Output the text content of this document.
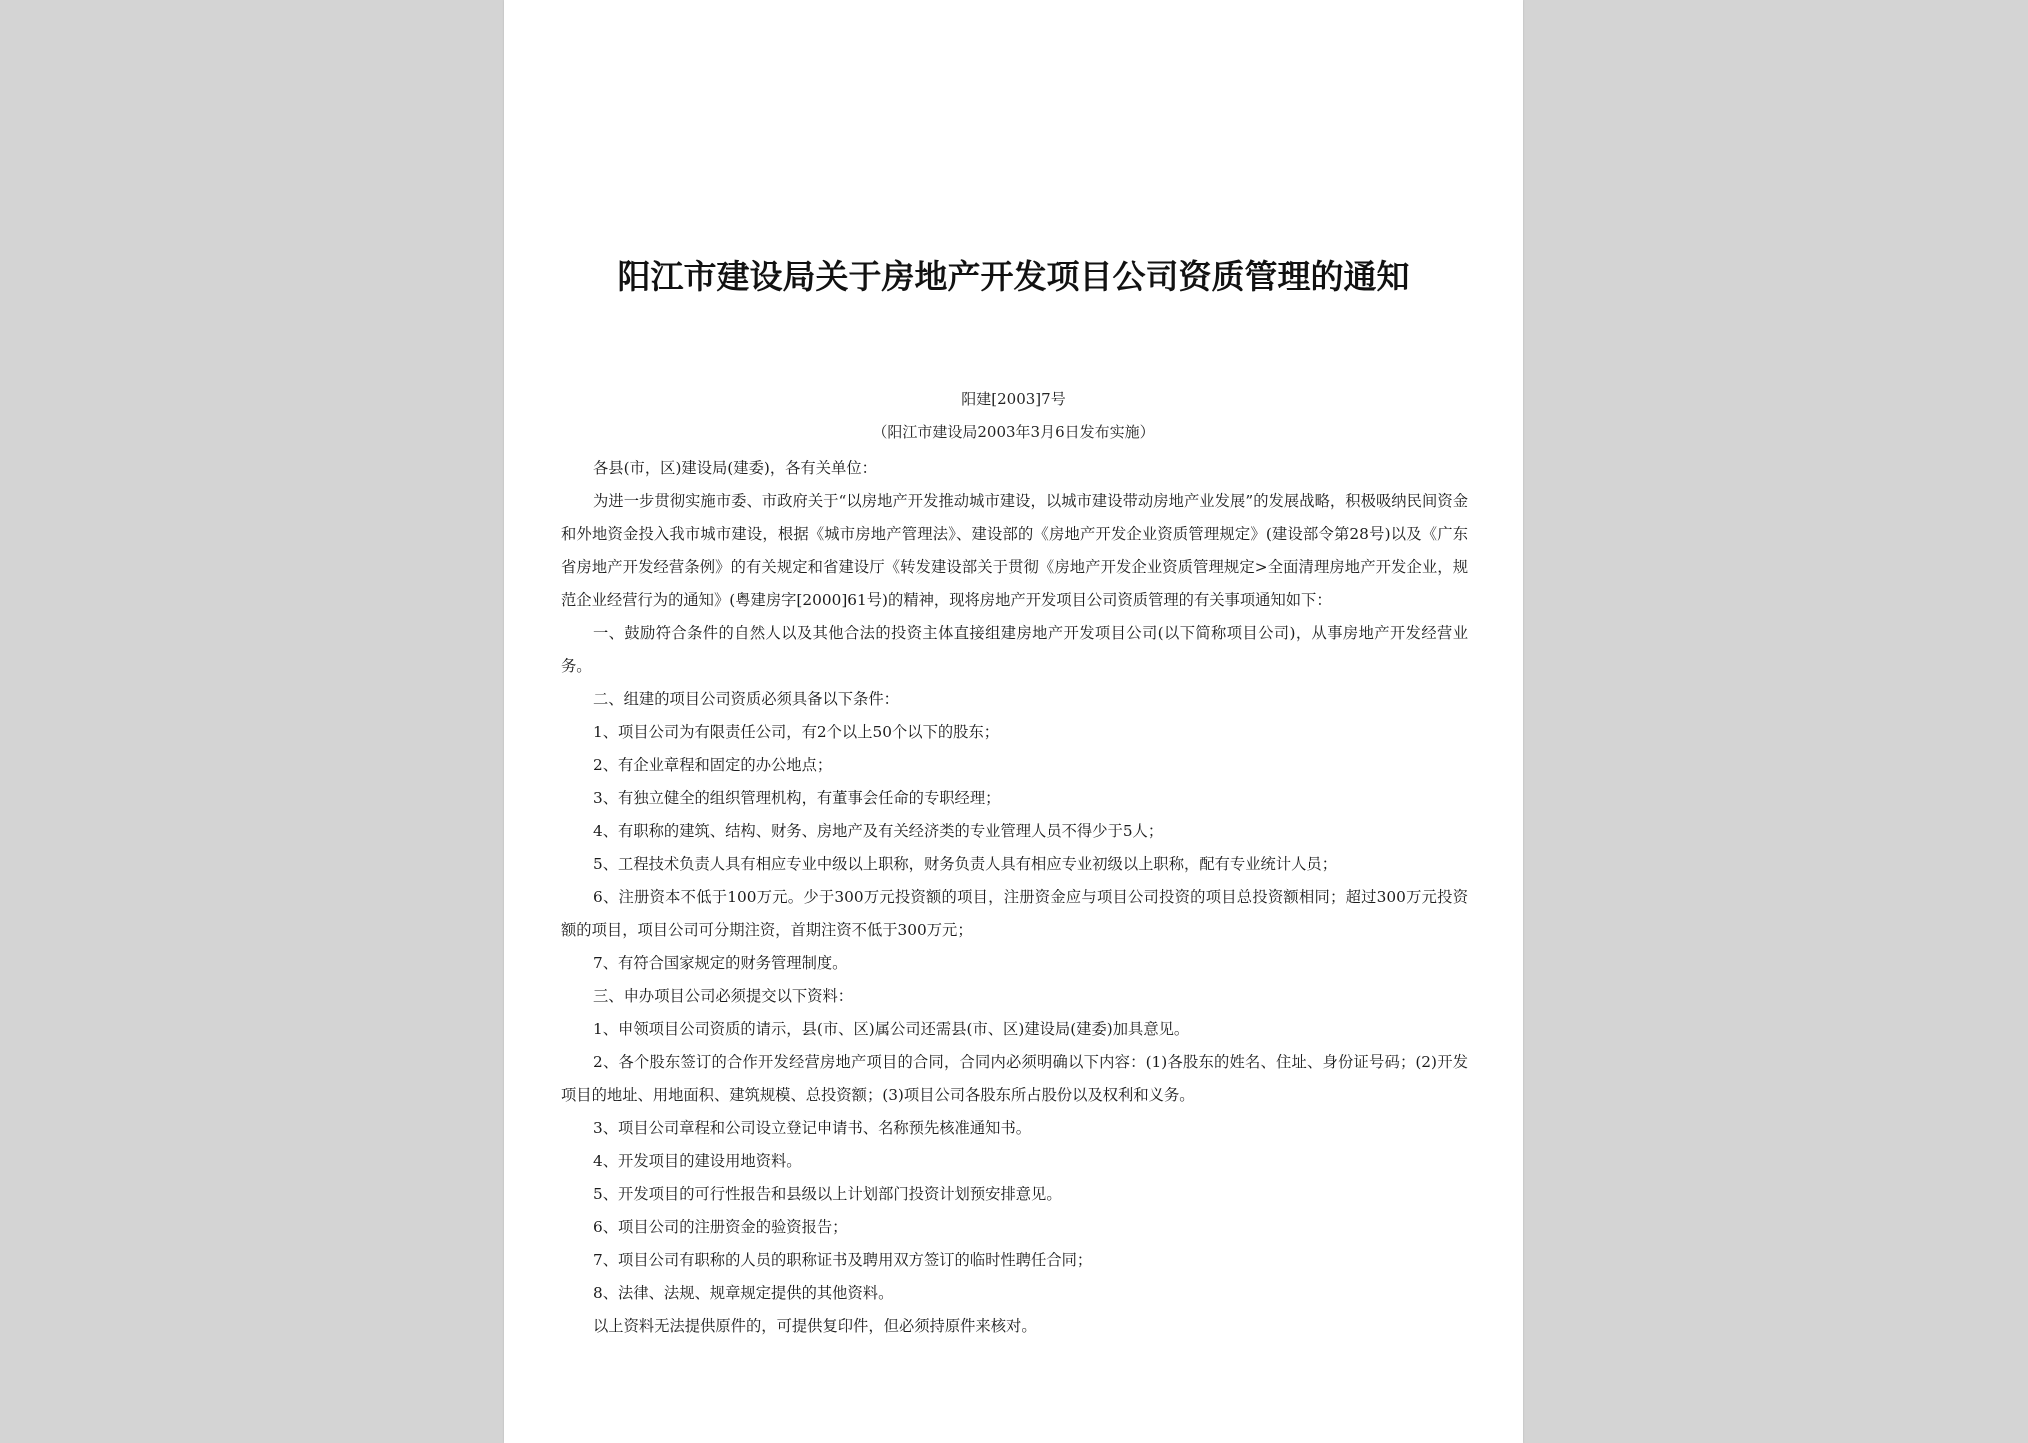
阳江市建设局关于房地产开发项目公司资质管理的通知
阳建[2003]7号
（阳江市建设局2003年3月6日发布实施）

各县(市，区)建设局(建委)，各有关单位：

为进一步贯彻实施市委、市政府关于“以房地产开发推动城市建设，以城市建设带动房地产业发展”的发展战略，积极吸纳民间资金和外地资金投入我市城市建设，根据《城市房地产管理法》、建设部的《房地产开发企业资质管理规定》(建设部令第28号)以及《广东省房地产开发经营条例》的有关规定和省建设厅《转发建设部关于贯彻《房地产开发企业资质管理规定>全面清理房地产开发企业，规范企业经营行为的通知》(粤建房字[2000]61号)的精神，现将房地产开发项目公司资质管理的有关事项通知如下：

一、鼓励符合条件的自然人以及其他合法的投资主体直接组建房地产开发项目公司(以下简称项目公司)，从事房地产开发经营业务。

二、组建的项目公司资质必须具备以下条件：

1、项目公司为有限责任公司，有2个以上50个以下的股东；

2、有企业章程和固定的办公地点；

3、有独立健全的组织管理机构，有董事会任命的专职经理；

4、有职称的建筑、结构、财务、房地产及有关经济类的专业管理人员不得少于5人；

5、工程技术负责人具有相应专业中级以上职称，财务负责人具有相应专业初级以上职称，配有专业统计人员；

6、注册资本不低于100万元。少于300万元投资额的项目，注册资金应与项目公司投资的项目总投资额相同；超过300万元投资额的项目，项目公司可分期注资，首期注资不低于300万元；

7、有符合国家规定的财务管理制度。

三、申办项目公司必须提交以下资料：

1、申领项目公司资质的请示，县(市、区)属公司还需县(市、区)建设局(建委)加具意见。

2、各个股东签订的合作开发经营房地产项目的合同，合同内必须明确以下内容：(1)各股东的姓名、住址、身份证号码；(2)开发项目的地址、用地面积、建筑规模、总投资额；(3)项目公司各股东所占股份以及权利和义务。

3、项目公司章程和公司设立登记申请书、名称预先核准通知书。

4、开发项目的建设用地资料。

5、开发项目的可行性报告和县级以上计划部门投资计划预安排意见。

6、项目公司的注册资金的验资报告；

7、项目公司有职称的人员的职称证书及聘用双方签订的临时性聘任合同；

8、法律、法规、规章规定提供的其他资料。

以上资料无法提供原件的，可提供复印件，但必须持原件来核对。
